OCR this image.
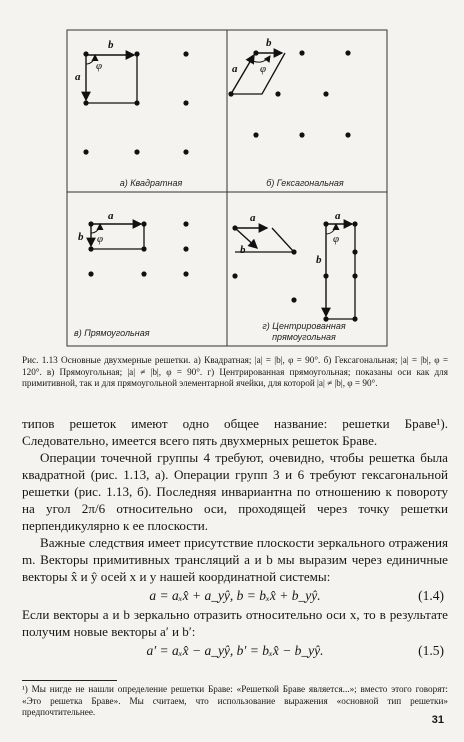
b
a
φ
b
a φ
a
b φ
a
b
a
b
φ
а) Квадратная	б) Гексагональная
в) Прямоугольная
г) Центрированная прямоугольная
Рис. 1.13 Основные двухмерные решетки. а) Квадратная; |a| = |b|, φ = 90°. б) Гексагональная; |a| = |b|, φ = 120°. в) Прямоугольная; |a| ≠ |b|, φ = 90°. г) Центрированная прямоугольная; показаны оси как для примитивной, так и для прямоугольной элементарной ячейки, для которой |a| ≠ |b|, φ = 90°.

типов решеток имеют одно общее название: решетки Браве¹). Следовательно, имеется всего пять двухмерных решеток Браве.

Операции точечной группы 4 требуют, очевидно, чтобы решетка была квадратной (рис. 1.13, а). Операции групп 3 и 6 требуют гексагональной решетки (рис. 1.13, б). Последняя инвариантна по отношению к повороту на угол 2π/6 относительно оси, проходящей через точку решетки перпендикулярно к ее плоскости.

Важные следствия имеет присутствие плоскости зеркального отражения m. Векторы примитивных трансляций a и b мы выразим через единичные векторы x̂ и ŷ осей x и y нашей координатной системы:

a = aₓx̂ + a_yŷ, b = bₓx̂ + b_yŷ.	(1.4)

Если векторы a и b зеркально отразить относительно оси x, то в результате получим новые векторы a′ и b′:

a′ = aₓx̂ − a_yŷ, b′ = bₓx̂ − b_yŷ.	(1.5)
¹) Мы нигде не нашли определение решетки Браве: «Решеткой Браве является...»; вместо этого говорят: «Это решетка Браве». Мы считаем, что использование выражения «основной тип решетки» предпочтительнее.
31
